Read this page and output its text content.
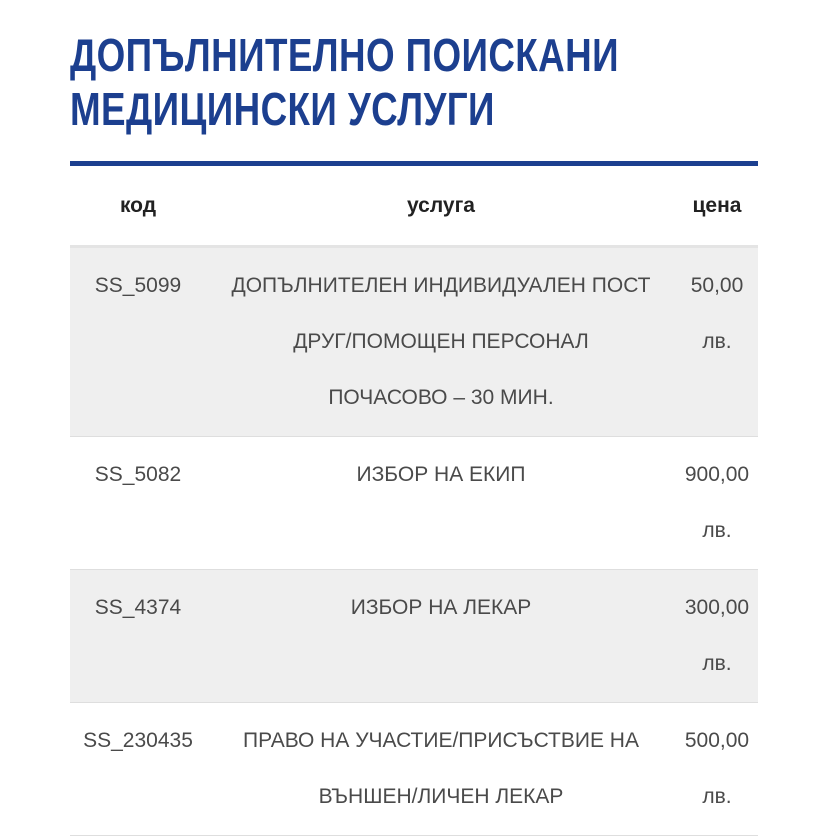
ДОПЪЛНИТЕЛНО ПОИСКАНИ
МЕДИЦИНСКИ УСЛУГИ
код	услуга	цена
SS_5099	ДОПЪЛНИТЕЛЕН ИНДИВИДУАЛЕН ПОСТ ДРУГ/ПОМОЩЕН ПЕРСОНАЛ ПОЧАСОВО – 30 МИН.	50,00 лв.
SS_5082	ИЗБОР НА ЕКИП	900,00 лв.
SS_4374	ИЗБОР НА ЛЕКАР	300,00 лв.
SS_230435	ПРАВО НА УЧАСТИЕ/ПРИСЪСТВИЕ НА ВЪНШЕН/ЛИЧЕН ЛЕКАР	500,00 лв.
